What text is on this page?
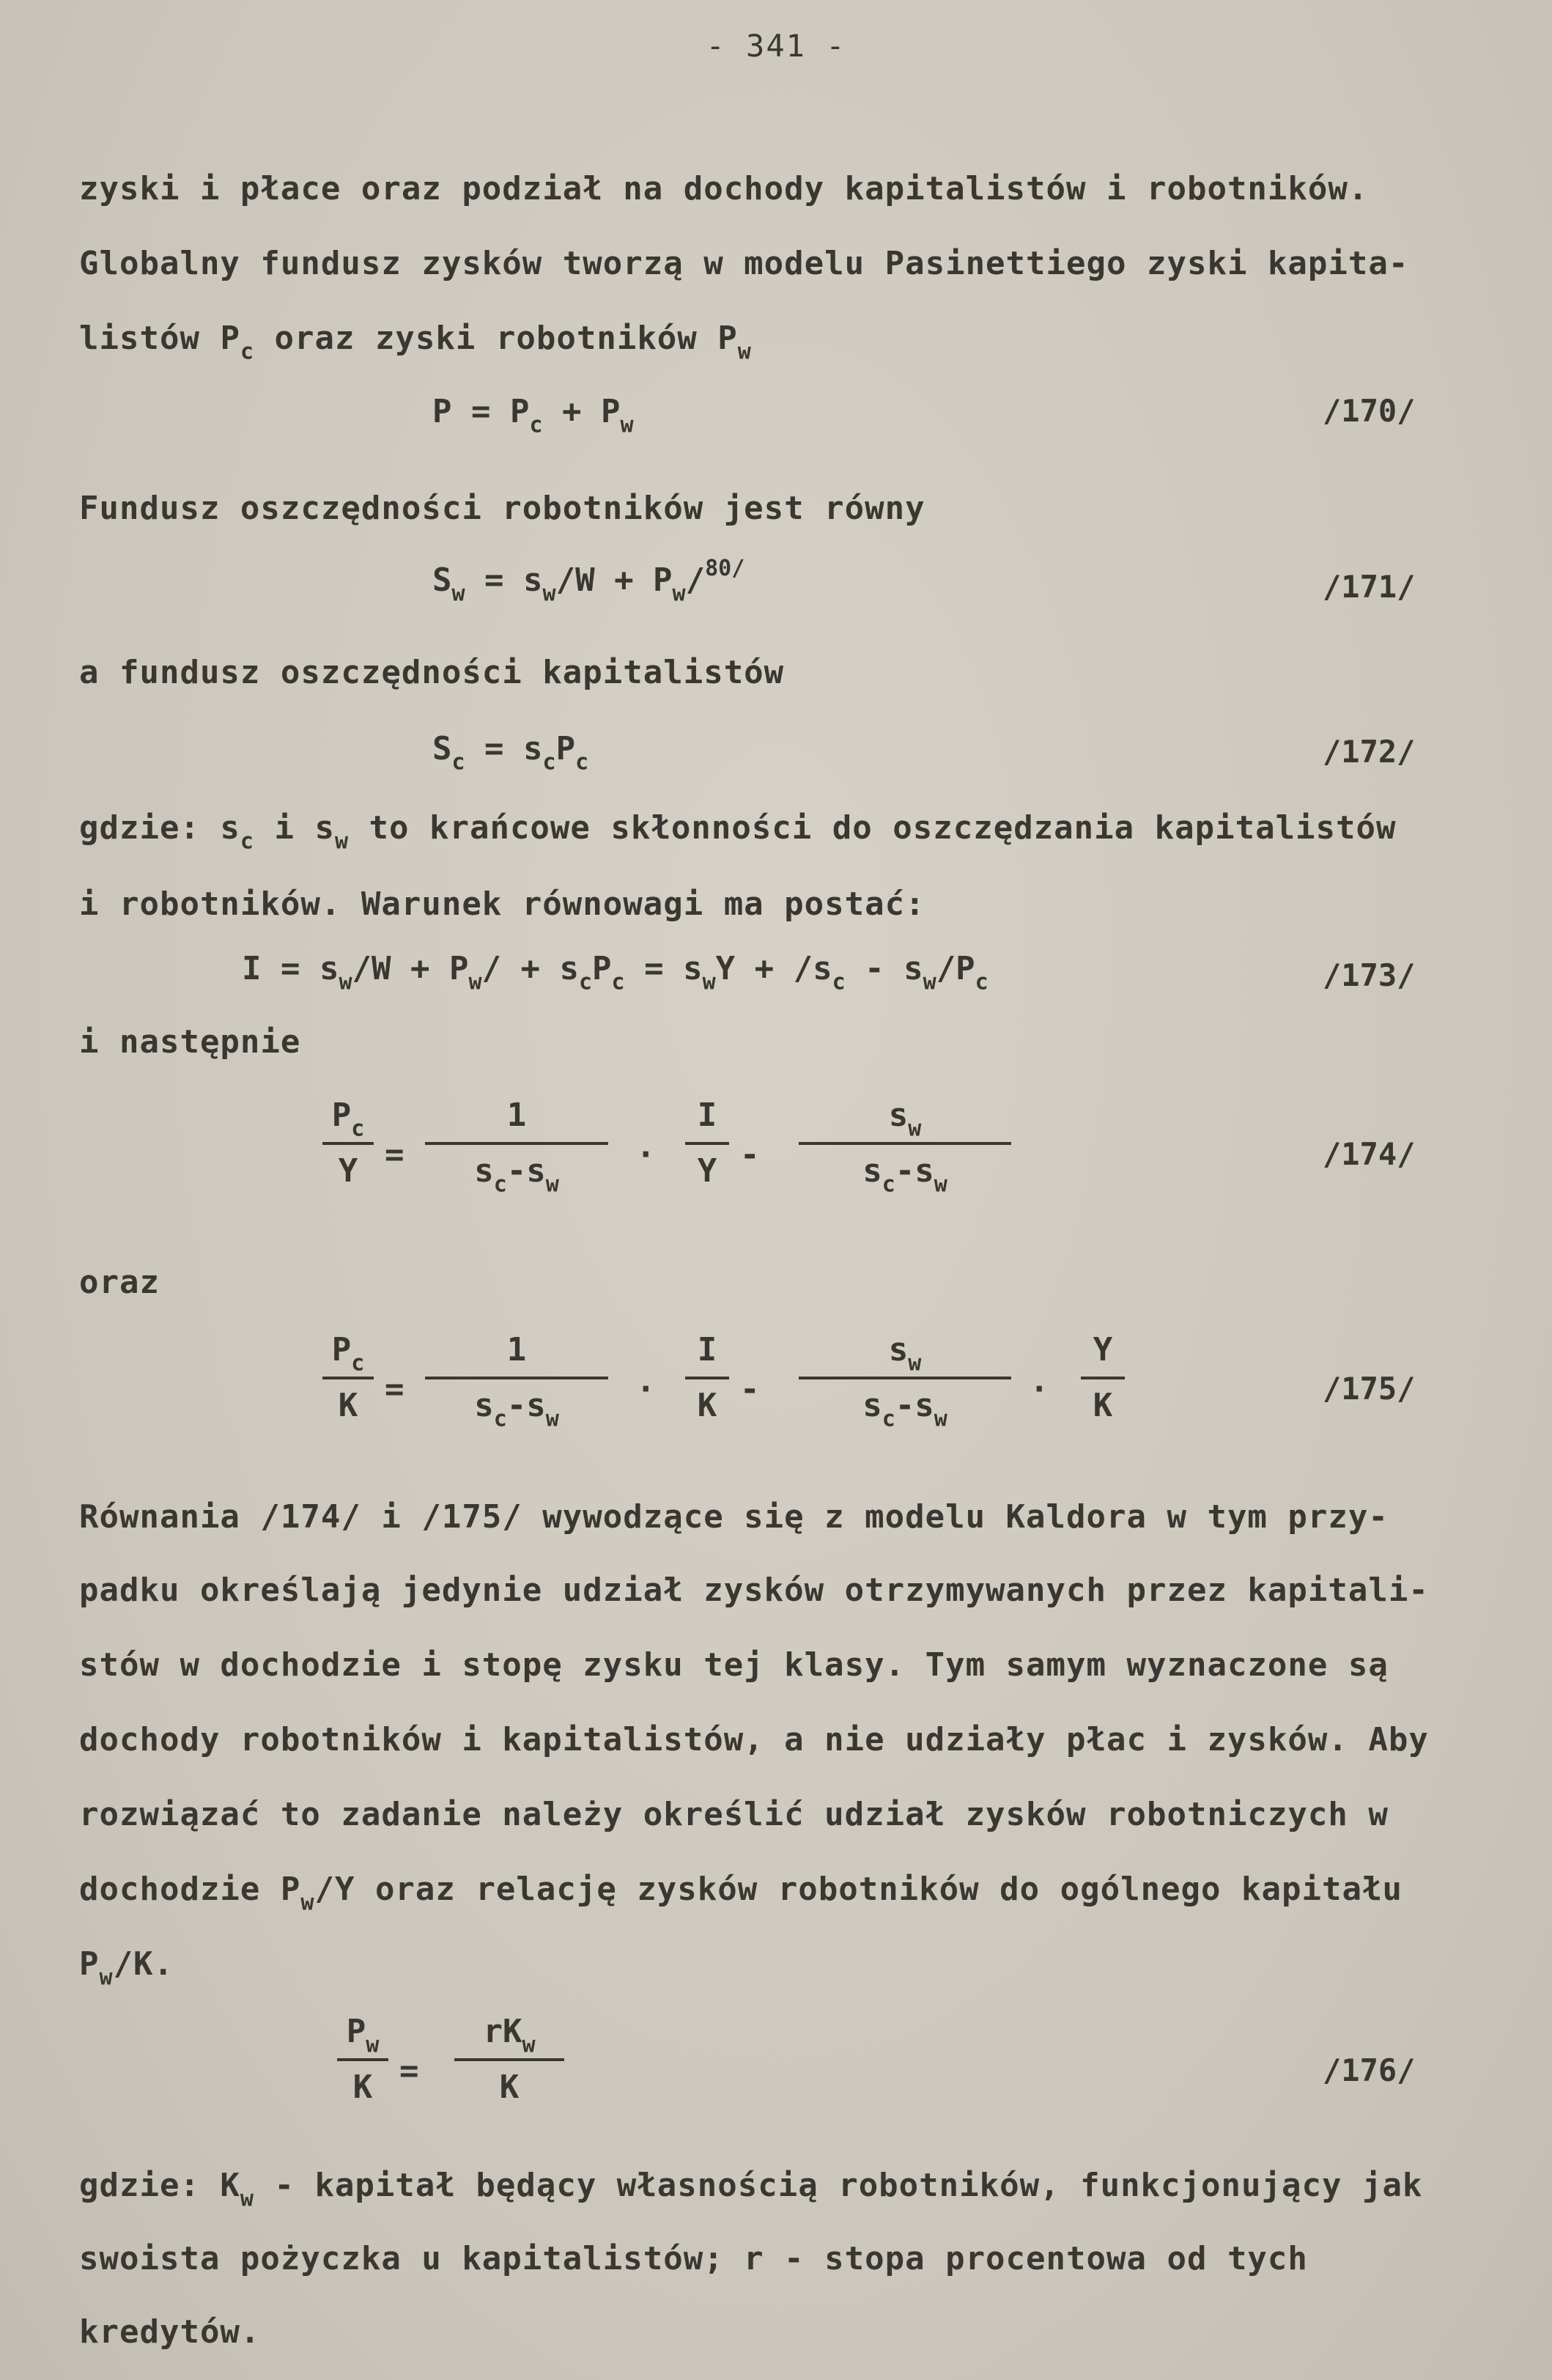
- 341 -
zyski i płace oraz podział na dochody kapitalistów i robotników.
Globalny fundusz zysków tworzą w modelu Pasinettiego zyski kapita-
listów $P_c$ oraz zyski robotników $P_w$
$P = P_c + P_w$	/170/
Fundusz oszczędności robotników jest równy
$S_w = s_w/W + P_w/^{80/}$
/171/
a fundusz oszczędności kapitalistów
$S_c = s_cP_c$	/172/
gdzie: $s_c$ i $s_w$ to krańcowe skłonności do oszczędzania kapitalistów
i robotników. Warunek równowagi ma postać:
$I = s_w/W + P_w/ + s_cP_c = s_wY + /s_c - s_w/P_c$	/173/
i następnie
$\frac{P_c}{Y} = \frac{1}{s_c-s_w} \cdot \frac{I}{Y} - \frac{s_w}{s_c-s_w}$	/174/
oraz
$\frac{P_c}{K} = \frac{1}{s_c-s_w} \cdot \frac{I}{K} - \frac{s_w}{s_c-s_w} \cdot \frac{Y}{K}$	/175/
Równania /174/ i /175/ wywodzące się z modelu Kaldora w tym przy-
padku określają jedynie udział zysków otrzymywanych przez kapitali-
stów w dochodzie i stopę zysku tej klasy. Tym samym wyznaczone są
dochody robotników i kapitalistów, a nie udziały płac i zysków. Aby
rozwiązać to zadanie należy określić udział zysków robotniczych w
dochodzie $P_w/Y$ oraz relację zysków robotników do ogólnego kapitału
$P_w/K$.
$\frac{P_w}{K}$ =
$rK_w$
K	/176/
gdzie: $K_w$ - kapitał będący własnością robotników, funkcjonujący jak
swoista pożyczka u kapitalistów; r - stopa procentowa od tych
kredytów.
